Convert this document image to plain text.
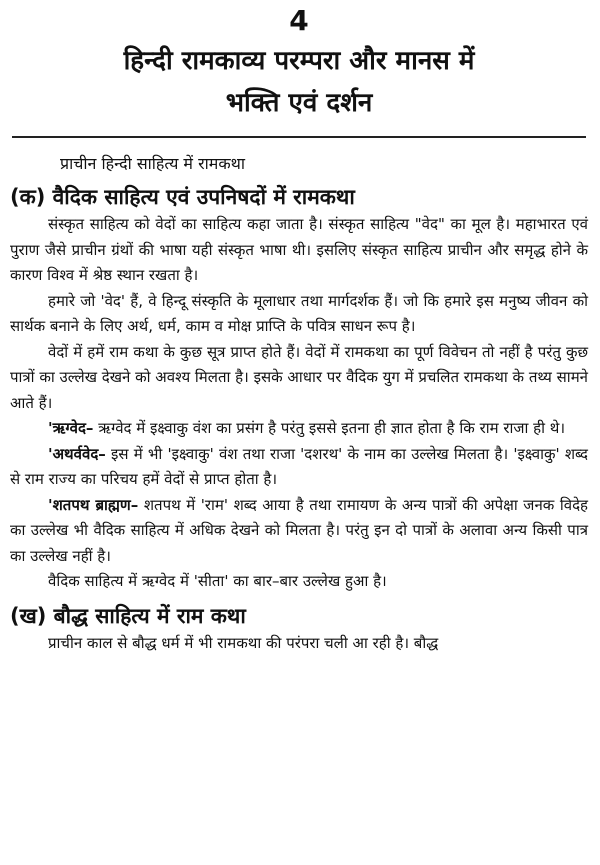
4
हिन्दी रामकाव्य परम्परा और मानस में
भक्ति एवं दर्शन
प्राचीन हिन्दी साहित्य में रामकथा
(क) वैदिक साहित्य एवं उपनिषदों में रामकथा

संस्कृत साहित्य को वेदों का साहित्य कहा जाता है। संस्कृत साहित्य "वेद" का मूल है। महाभारत एवं पुराण जैसे प्राचीन ग्रंथों की भाषा यही संस्कृत भाषा थी। इसलिए संस्कृत साहित्य प्राचीन और समृद्ध होने के कारण विश्व में श्रेष्ठ स्थान रखता है।

हमारे जो 'वेद' हैं, वे हिन्दू संस्कृति के मूलाधार तथा मार्गदर्शक हैं। जो कि हमारे इस मनुष्य जीवन को सार्थक बनाने के लिए अर्थ, धर्म, काम व मोक्ष प्राप्ति के पवित्र साधन रूप है।

वेदों में हमें राम कथा के कुछ सूत्र प्राप्त होते हैं। वेदों में रामकथा का पूर्ण विवेचन तो नहीं है परंतु कुछ पात्रों का उल्लेख देखने को अवश्य मिलता है। इसके आधार पर वैदिक युग में प्रचलित रामकथा के तथ्य सामने आते हैं।

'ऋग्वेद– ऋग्वेद में इक्ष्वाकु वंश का प्रसंग है परंतु इससे इतना ही ज्ञात होता है कि राम राजा ही थे।

'अथर्ववेद– इस में भी 'इक्ष्वाकु' वंश तथा राजा 'दशरथ' के नाम का उल्लेख मिलता है। 'इक्ष्वाकु' शब्द से राम राज्य का परिचय हमें वेदों से प्राप्त होता है।

'शतपथ ब्राह्मण– शतपथ में 'राम' शब्द आया है तथा रामायण के अन्य पात्रों की अपेक्षा जनक विदेह का उल्लेख भी वैदिक साहित्य में अधिक देखने को मिलता है। परंतु इन दो पात्रों के अलावा अन्य किसी पात्र का उल्लेख नहीं है।

वैदिक साहित्य में ऋग्वेद में 'सीता' का बार–बार उल्लेख हुआ है।

(ख) बौद्ध साहित्य में राम कथा

प्राचीन काल से बौद्ध धर्म में भी रामकथा की परंपरा चली आ रही है। बौद्ध
